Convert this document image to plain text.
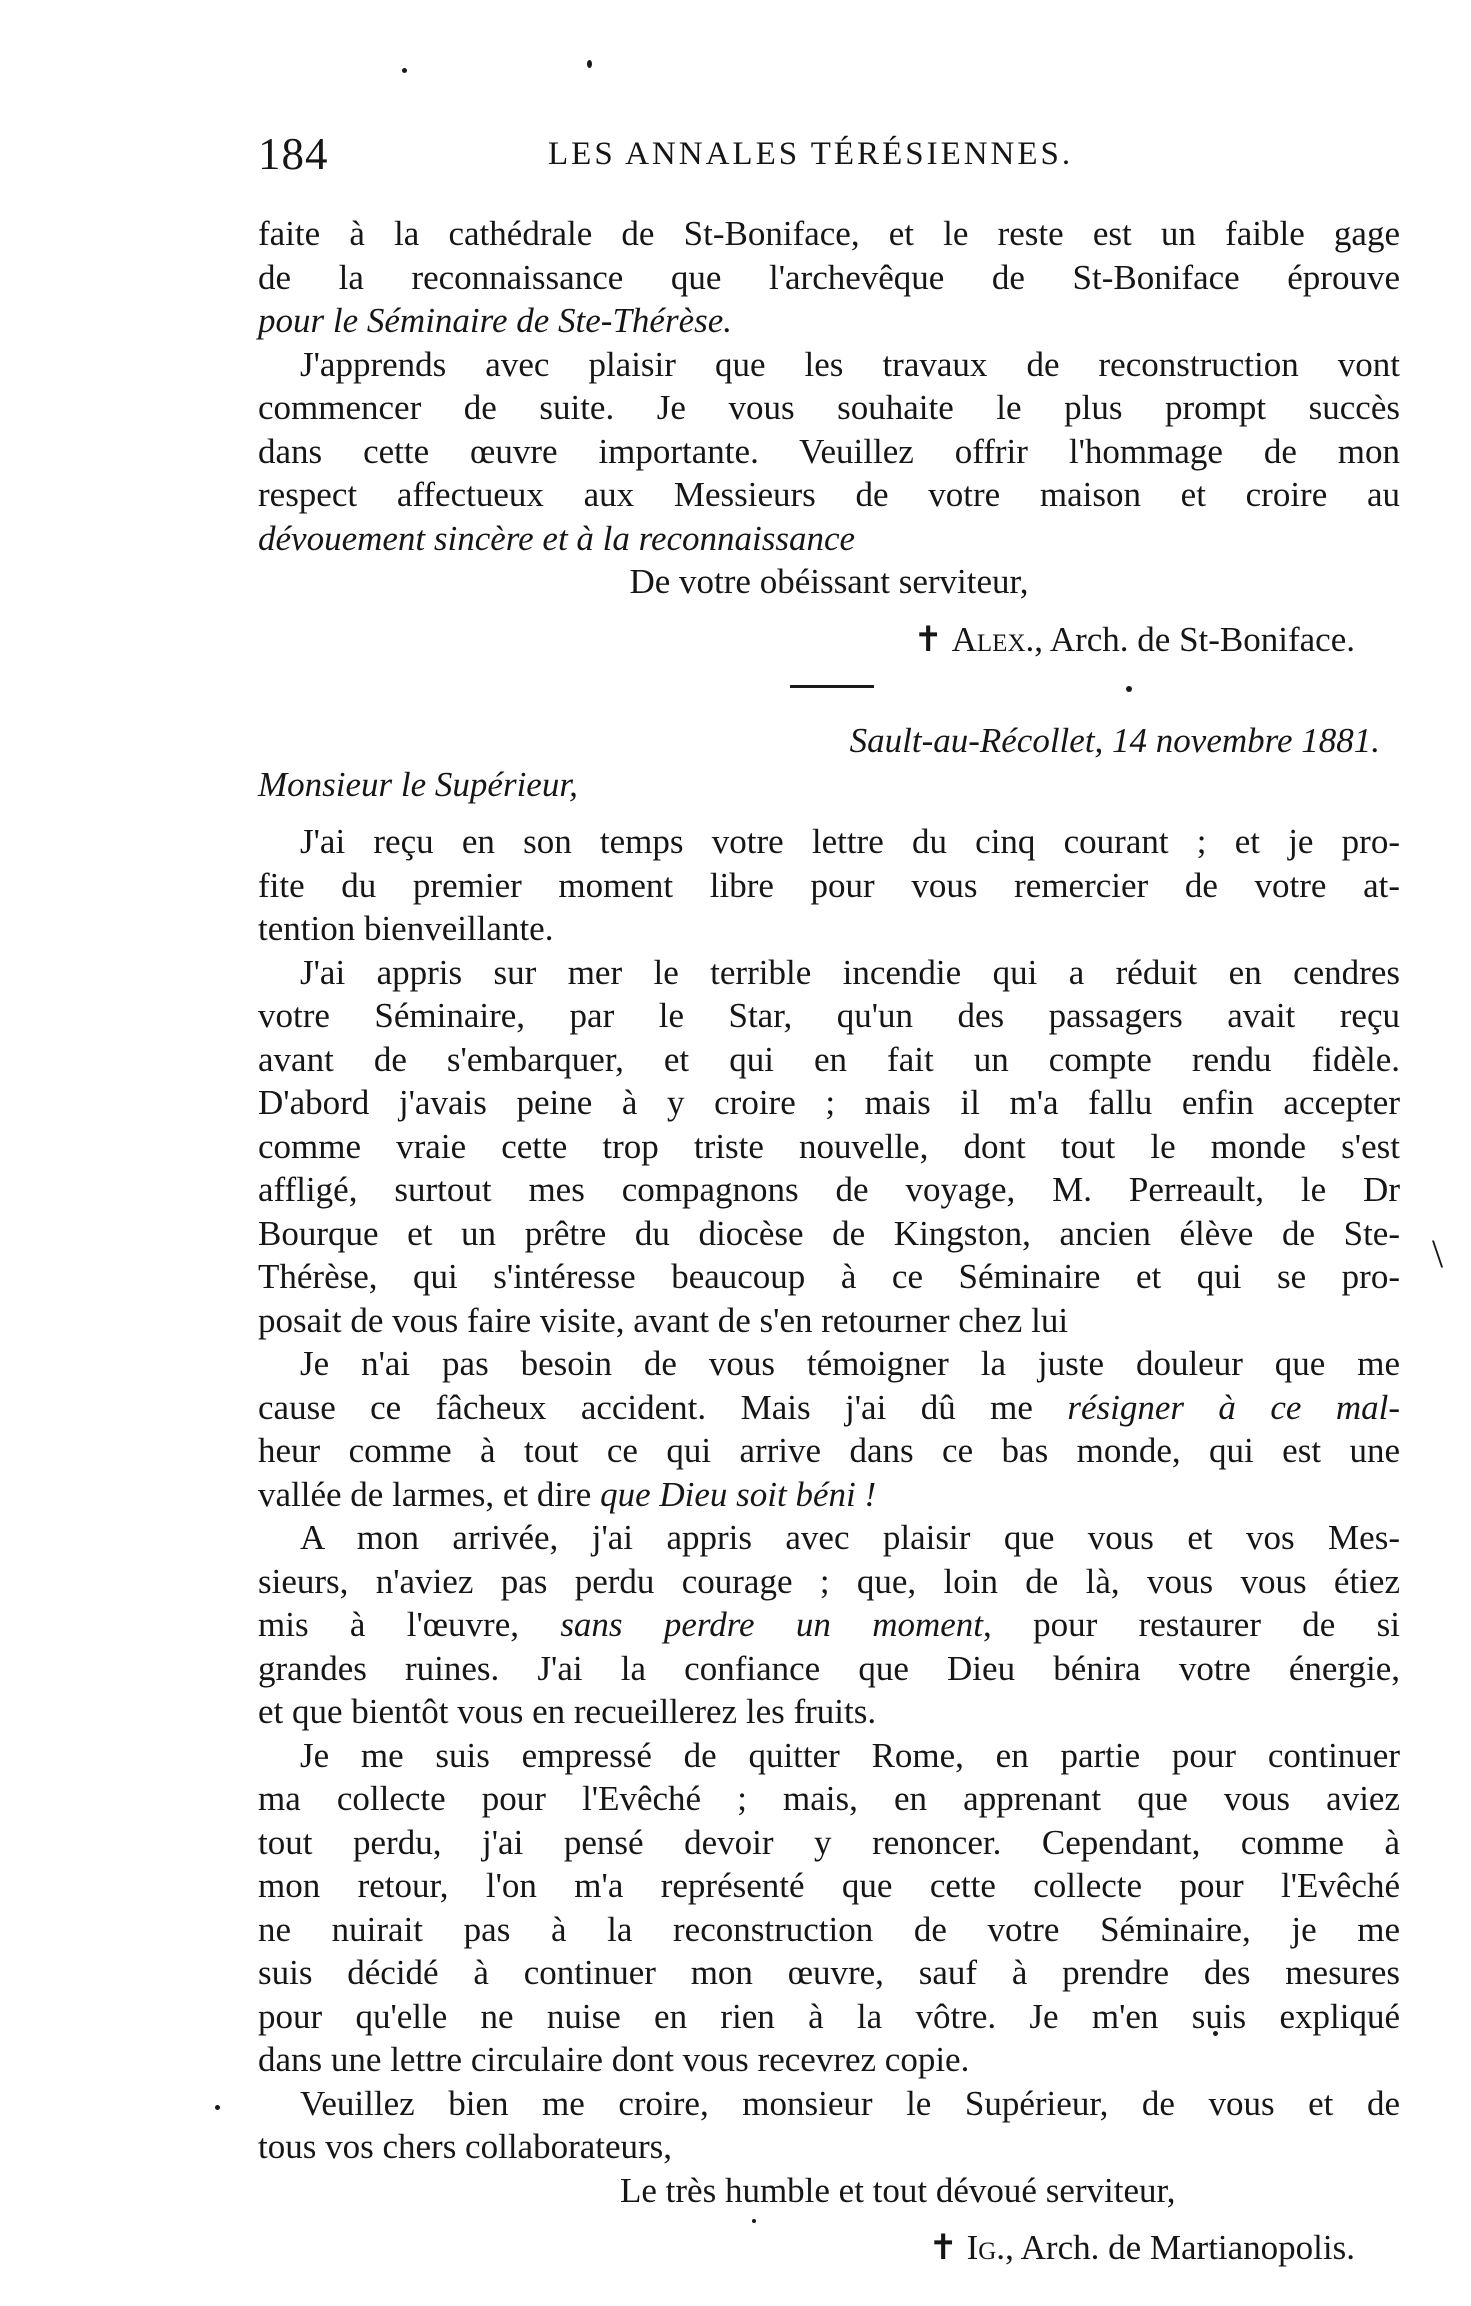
184	LES ANNALES TÉRÉSIENNES.
faite à la cathédrale de St-Boniface, et le reste est un faible gage
de la reconnaissance que l'archevêque de St-Boniface éprouve
pour le Séminaire de Ste-Thérèse.
J'apprends avec plaisir que les travaux de reconstruction vont
commencer de suite. Je vous souhaite le plus prompt succès
dans cette œuvre importante. Veuillez offrir l'hommage de mon
respect affectueux aux Messieurs de votre maison et croire au
dévouement sincère et à la reconnaissance
De votre obéissant serviteur,
✝ Alex., Arch. de St-Boniface.
Sault-au-Récollet, 14 novembre 1881.
Monsieur le Supérieur,
J'ai reçu en son temps votre lettre du cinq courant ; et je pro-
fite du premier moment libre pour vous remercier de votre at-
tention bienveillante.
J'ai appris sur mer le terrible incendie qui a réduit en cendres
votre Séminaire, par le Star, qu'un des passagers avait reçu
avant de s'embarquer, et qui en fait un compte rendu fidèle.
D'abord j'avais peine à y croire ; mais il m'a fallu enfin accepter
comme vraie cette trop triste nouvelle, dont tout le monde s'est
affligé, surtout mes compagnons de voyage, M. Perreault, le Dr
Bourque et un prêtre du diocèse de Kingston, ancien élève de Ste-
Thérèse, qui s'intéresse beaucoup à ce Séminaire et qui se pro-
posait de vous faire visite, avant de s'en retourner chez lui
Je n'ai pas besoin de vous témoigner la juste douleur que me
cause ce fâcheux accident. Mais j'ai dû me résigner à ce mal-
heur comme à tout ce qui arrive dans ce bas monde, qui est une
vallée de larmes, et dire que Dieu soit béni !
A mon arrivée, j'ai appris avec plaisir que vous et vos Mes-
sieurs, n'aviez pas perdu courage ; que, loin de là, vous vous étiez
mis à l'œuvre, sans perdre un moment, pour restaurer de si
grandes ruines. J'ai la confiance que Dieu bénira votre énergie,
et que bientôt vous en recueillerez les fruits.
Je me suis empressé de quitter Rome, en partie pour continuer
ma collecte pour l'Evêché ; mais, en apprenant que vous aviez
tout perdu, j'ai pensé devoir y renoncer. Cependant, comme à
mon retour, l'on m'a représenté que cette collecte pour l'Evêché
ne nuirait pas à la reconstruction de votre Séminaire, je me
suis décidé à continuer mon œuvre, sauf à prendre des mesures
pour qu'elle ne nuise en rien à la vôtre. Je m'en suis expliqué
dans une lettre circulaire dont vous recevrez copie.
Veuillez bien me croire, monsieur le Supérieur, de vous et de
tous vos chers collaborateurs,
Le très humble et tout dévoué serviteur,
✝ Ig., Arch. de Martianopolis.
\
